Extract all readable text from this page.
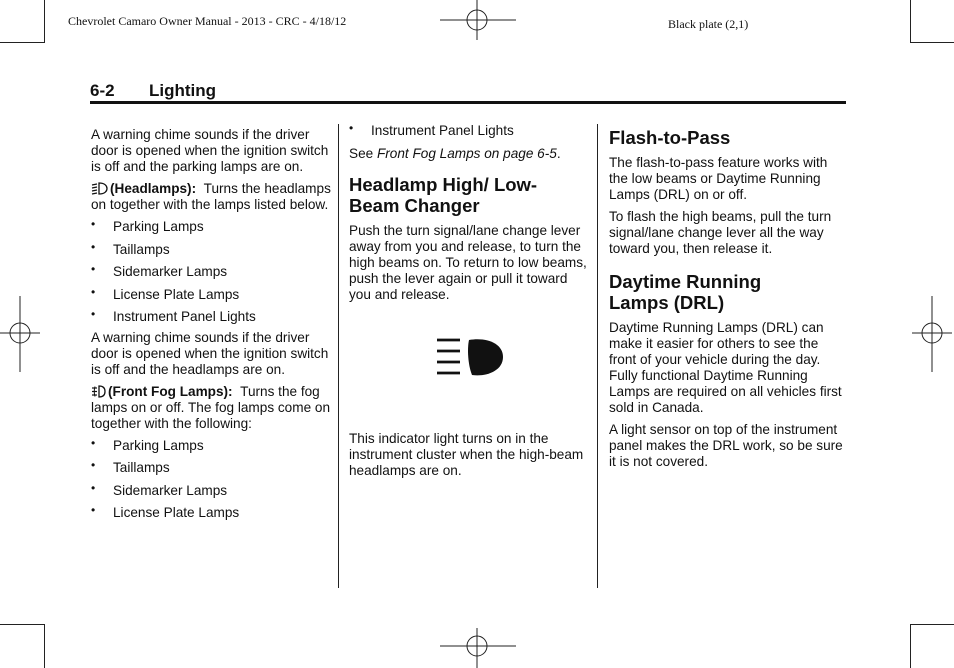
Chevrolet Camaro Owner Manual - 2013 - CRC - 4/18/12	Black plate (2,1)
6-2 Lighting

A warning chime sounds if the driver door is opened when the ignition switch is off and the parking lamps are on.

(Headlamps): Turns the headlamps on together with the lamps listed below.

• Parking Lamps
• Taillamps
• Sidemarker Lamps
• License Plate Lamps
• Instrument Panel Lights

A warning chime sounds if the driver door is opened when the ignition switch is off and the headlamps are on.

(Front Fog Lamps): Turns the fog lamps on or off. The fog lamps come on together with the following:

• Parking Lamps
• Taillamps
• Sidemarker Lamps
• License Plate Lamps
• Instrument Panel Lights

See Front Fog Lamps on page 6-5.

Headlamp High/ Low-Beam Changer

Push the turn signal/lane change lever away from you and release, to turn the high beams on. To return to low beams, push the lever again or pull it toward you and release.

This indicator light turns on in the instrument cluster when the high-beam headlamps are on.

Flash-to-Pass

The flash-to-pass feature works with the low beams or Daytime Running Lamps (DRL) on or off.

To flash the high beams, pull the turn signal/lane change lever all the way toward you, then release it.

Daytime Running Lamps (DRL)

Daytime Running Lamps (DRL) can make it easier for others to see the front of your vehicle during the day. Fully functional Daytime Running Lamps are required on all vehicles first sold in Canada.

A light sensor on top of the instrument panel makes the DRL work, so be sure it is not covered.
